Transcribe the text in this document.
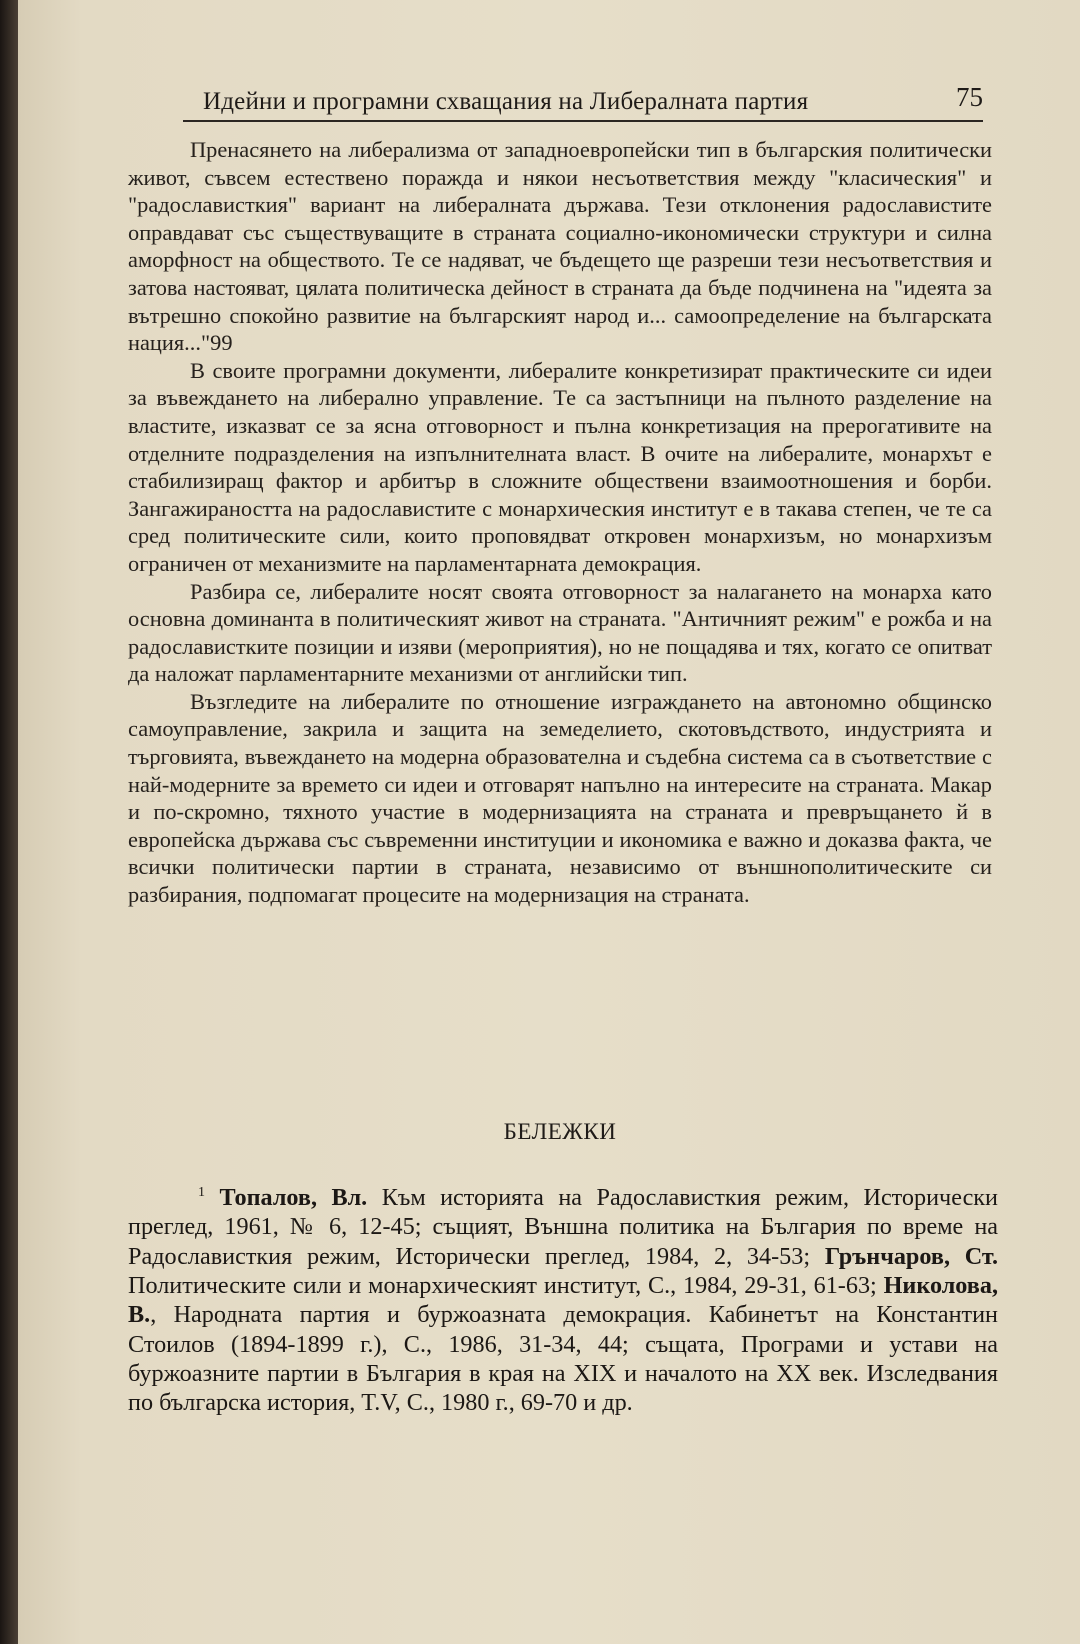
Идейни и програмни схващания на Либералната партия	75

Пренасянето на либерализма от западноевропейски тип в българския политически живот, съвсем естествено поражда и някои несъответствия между "класическия" и "радослависткия" вариант на либералната държава. Тези отклонения радославистите оправдават със съществуващите в страната социално-икономически структури и силна аморфност на обществото. Те се надяват, че бъдещето ще разреши тези несъответствия и затова настояват, цялата политическа дейност в страната да бъде подчинена на "идеята за вътрешно спокойно развитие на българският народ и... самоопределение на българската нация..."99

В своите програмни документи, либералите конкретизират практическите си идеи за въвеждането на либерално управление. Те са застъпници на пълното разделение на властите, изказват се за ясна отговорност и пълна конкретизация на прерогативите на отделните подразделения на изпълнителната власт. В очите на либералите, монархът е стабилизиращ фактор и арбитър в сложните обществени взаимоотношения и борби. Зангажираността на радославистите с монархическия институт е в такава степен, че те са сред политическите сили, които проповядват откровен монархизъм, но монархизъм ограничен от механизмите на парламентарната демокрация.

Разбира се, либералите носят своята отговорност за налагането на монарха като основна доминанта в политическият живот на страната. "Античният режим" е рожба и на радославистките позиции и изяви (мероприятия), но не пощадява и тях, когато се опитват да наложат парламентарните механизми от английски тип.

Възгледите на либералите по отношение изграждането на автономно общинско самоуправление, закрила и защита на земеделието, скотовъдството, индустрията и търговията, въвеждането на модерна образователна и съдебна система са в съответствие с най-модерните за времето си идеи и отговарят напълно на интересите на страната. Макар и по-скромно, тяхното участие в модернизацията на страната и превръщането й в европейска държава със съвременни институции и икономика е важно и доказва факта, че всички политически партии в страната, независимо от външнополитическите си разбирания, подпомагат процесите на модернизация на страната.

БЕЛЕЖКИ

$^1$ Топалов, Вл. Към историята на Радослависткия режим, Исторически преглед, 1961, № 6, 12-45; същият, Външна политика на България по време на Радослависткия режим, Исторически преглед, 1984, 2, 34-53; Грънчаров, Ст. Политическите сили и монархическият институт, С., 1984, 29-31, 61-63; Николова, В., Народната партия и буржоазната демокрация. Кабинетът на Константин Стоилов (1894-1899 г.), С., 1986, 31-34, 44; същата, Програми и устави на буржоазните партии в България в края на XIX и началото на XX век. Изследвания по българска история, T.V, С., 1980 г., 69-70 и др.
